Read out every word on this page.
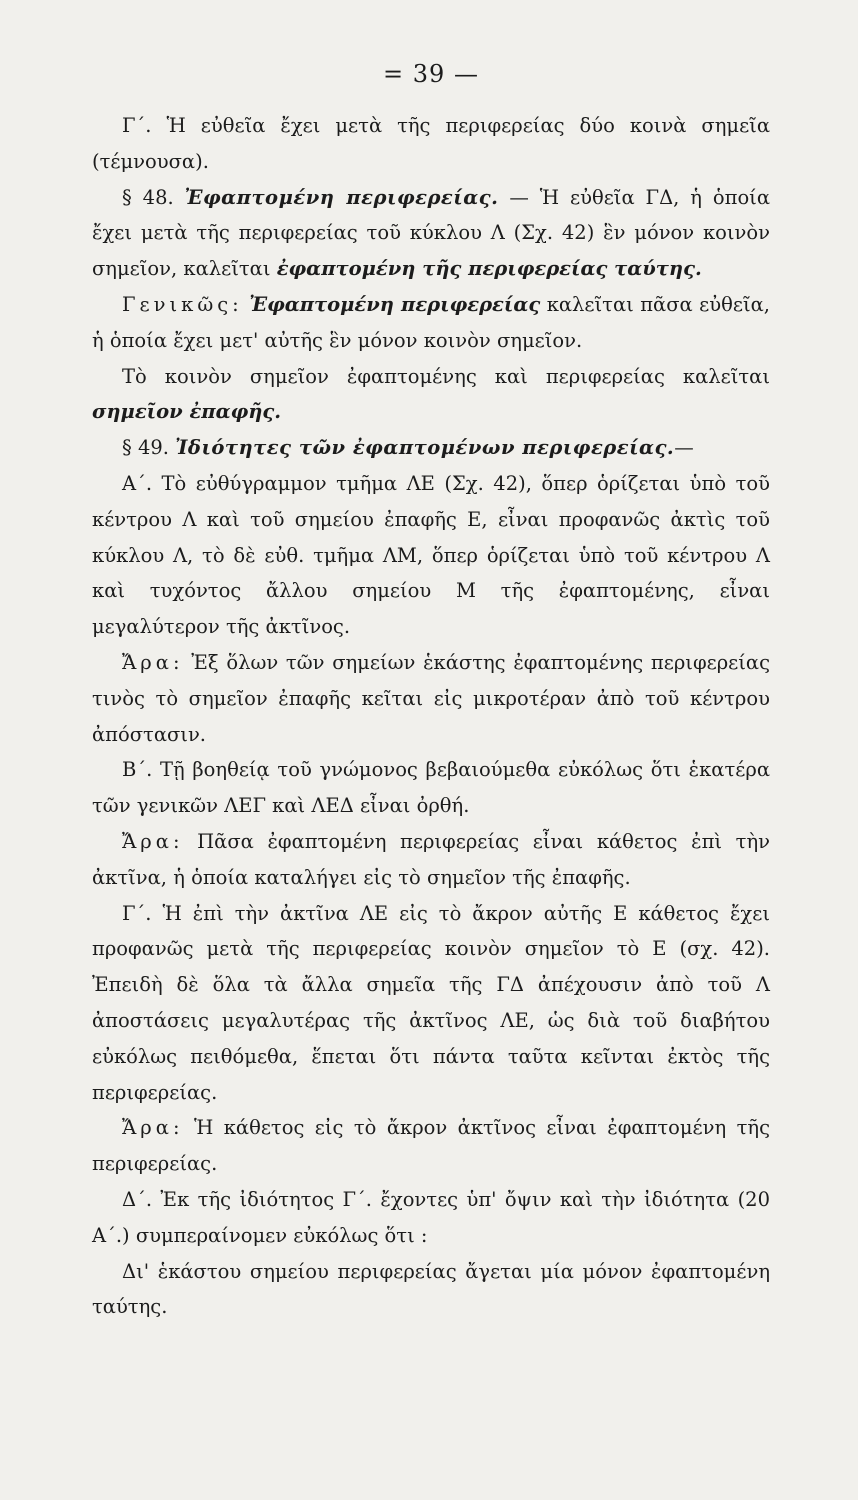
= 39 —

Γ΄. Ἡ εὐθεῖα ἔχει μετὰ τῆς περιφερείας δύο κοινὰ σημεῖα (τέμνουσα).

§ 48. Ἐφαπτομένη περιφερείας. — Ἡ εὐθεῖα ΓΔ, ἡ ὁποία ἔχει μετὰ τῆς περιφερείας τοῦ κύκλου Λ (Σχ. 42) ἓν μόνον κοινὸν σημεῖον, καλεῖται ἐφαπτομένη τῆς περιφερείας ταύτης.

Γενικῶς: Ἐφαπτομένη περιφερείας καλεῖται πᾶσα εὐθεῖα, ἡ ὁποία ἔχει μετ' αὐτῆς ἓν μόνον κοινὸν σημεῖον.

Τὸ κοινὸν σημεῖον ἐφαπτομένης καὶ περιφερείας καλεῖται σημεῖον ἐπαφῆς.

§ 49. Ἰδιότητες τῶν ἐφαπτομένων περιφερείας.—

Α΄. Τὸ εὐθύγραμμον τμῆμα ΛΕ (Σχ. 42), ὅπερ ὁρίζεται ὑπὸ τοῦ κέντρου Λ καὶ τοῦ σημείου ἐπαφῆς Ε, εἶναι προφανῶς ἀκτὶς τοῦ κύκλου Λ, τὸ δὲ εὐθ. τμῆμα ΛΜ, ὅπερ ὁρίζεται ὑπὸ τοῦ κέντρου Λ καὶ τυχόντος ἄλλου σημείου Μ τῆς ἐφαπτομένης, εἶναι μεγαλύτερον τῆς ἀκτῖνος.

Ἄρα: Ἐξ ὅλων τῶν σημείων ἑκάστης ἐφαπτομένης περιφερείας τινὸς τὸ σημεῖον ἐπαφῆς κεῖται εἰς μικροτέραν ἀπὸ τοῦ κέντρου ἀπόστασιν.

Β΄. Τῇ βοηθείᾳ τοῦ γνώμονος βεβαιούμεθα εὐκόλως ὅτι ἑκατέρα τῶν γενικῶν ΛΕΓ καὶ ΛΕΔ εἶναι ὀρθή.

Ἄρα: Πᾶσα ἐφαπτομένη περιφερείας εἶναι κάθετος ἐπὶ τὴν ἀκτῖνα, ἡ ὁποία καταλήγει εἰς τὸ σημεῖον τῆς ἐπαφῆς.

Γ΄. Ἡ ἐπὶ τὴν ἀκτῖνα ΛΕ εἰς τὸ ἄκρον αὐτῆς Ε κάθετος ἔχει προφανῶς μετὰ τῆς περιφερείας κοινὸν σημεῖον τὸ Ε (σχ. 42). Ἐπειδὴ δὲ ὅλα τὰ ἄλλα σημεῖα τῆς ΓΔ ἀπέχουσιν ἀπὸ τοῦ Λ ἀποστάσεις μεγαλυτέρας τῆς ἀκτῖνος ΛΕ, ὡς διὰ τοῦ διαβήτου εὐκόλως πειθόμεθα, ἕπεται ὅτι πάντα ταῦτα κεῖνται ἐκτὸς τῆς περιφερείας.

Ἄρα: Ἡ κάθετος εἰς τὸ ἄκρον ἀκτῖνος εἶναι ἐφαπτομένη τῆς περιφερείας.

Δ΄. Ἐκ τῆς ἰδιότητος Γ΄. ἔχοντες ὑπ' ὄψιν καὶ τὴν ἰδιότητα (20 Α΄.) συμπεραίνομεν εὐκόλως ὅτι :

Δι' ἑκάστου σημείου περιφερείας ἄγεται μία μόνον ἐφαπτομένη ταύτης.
